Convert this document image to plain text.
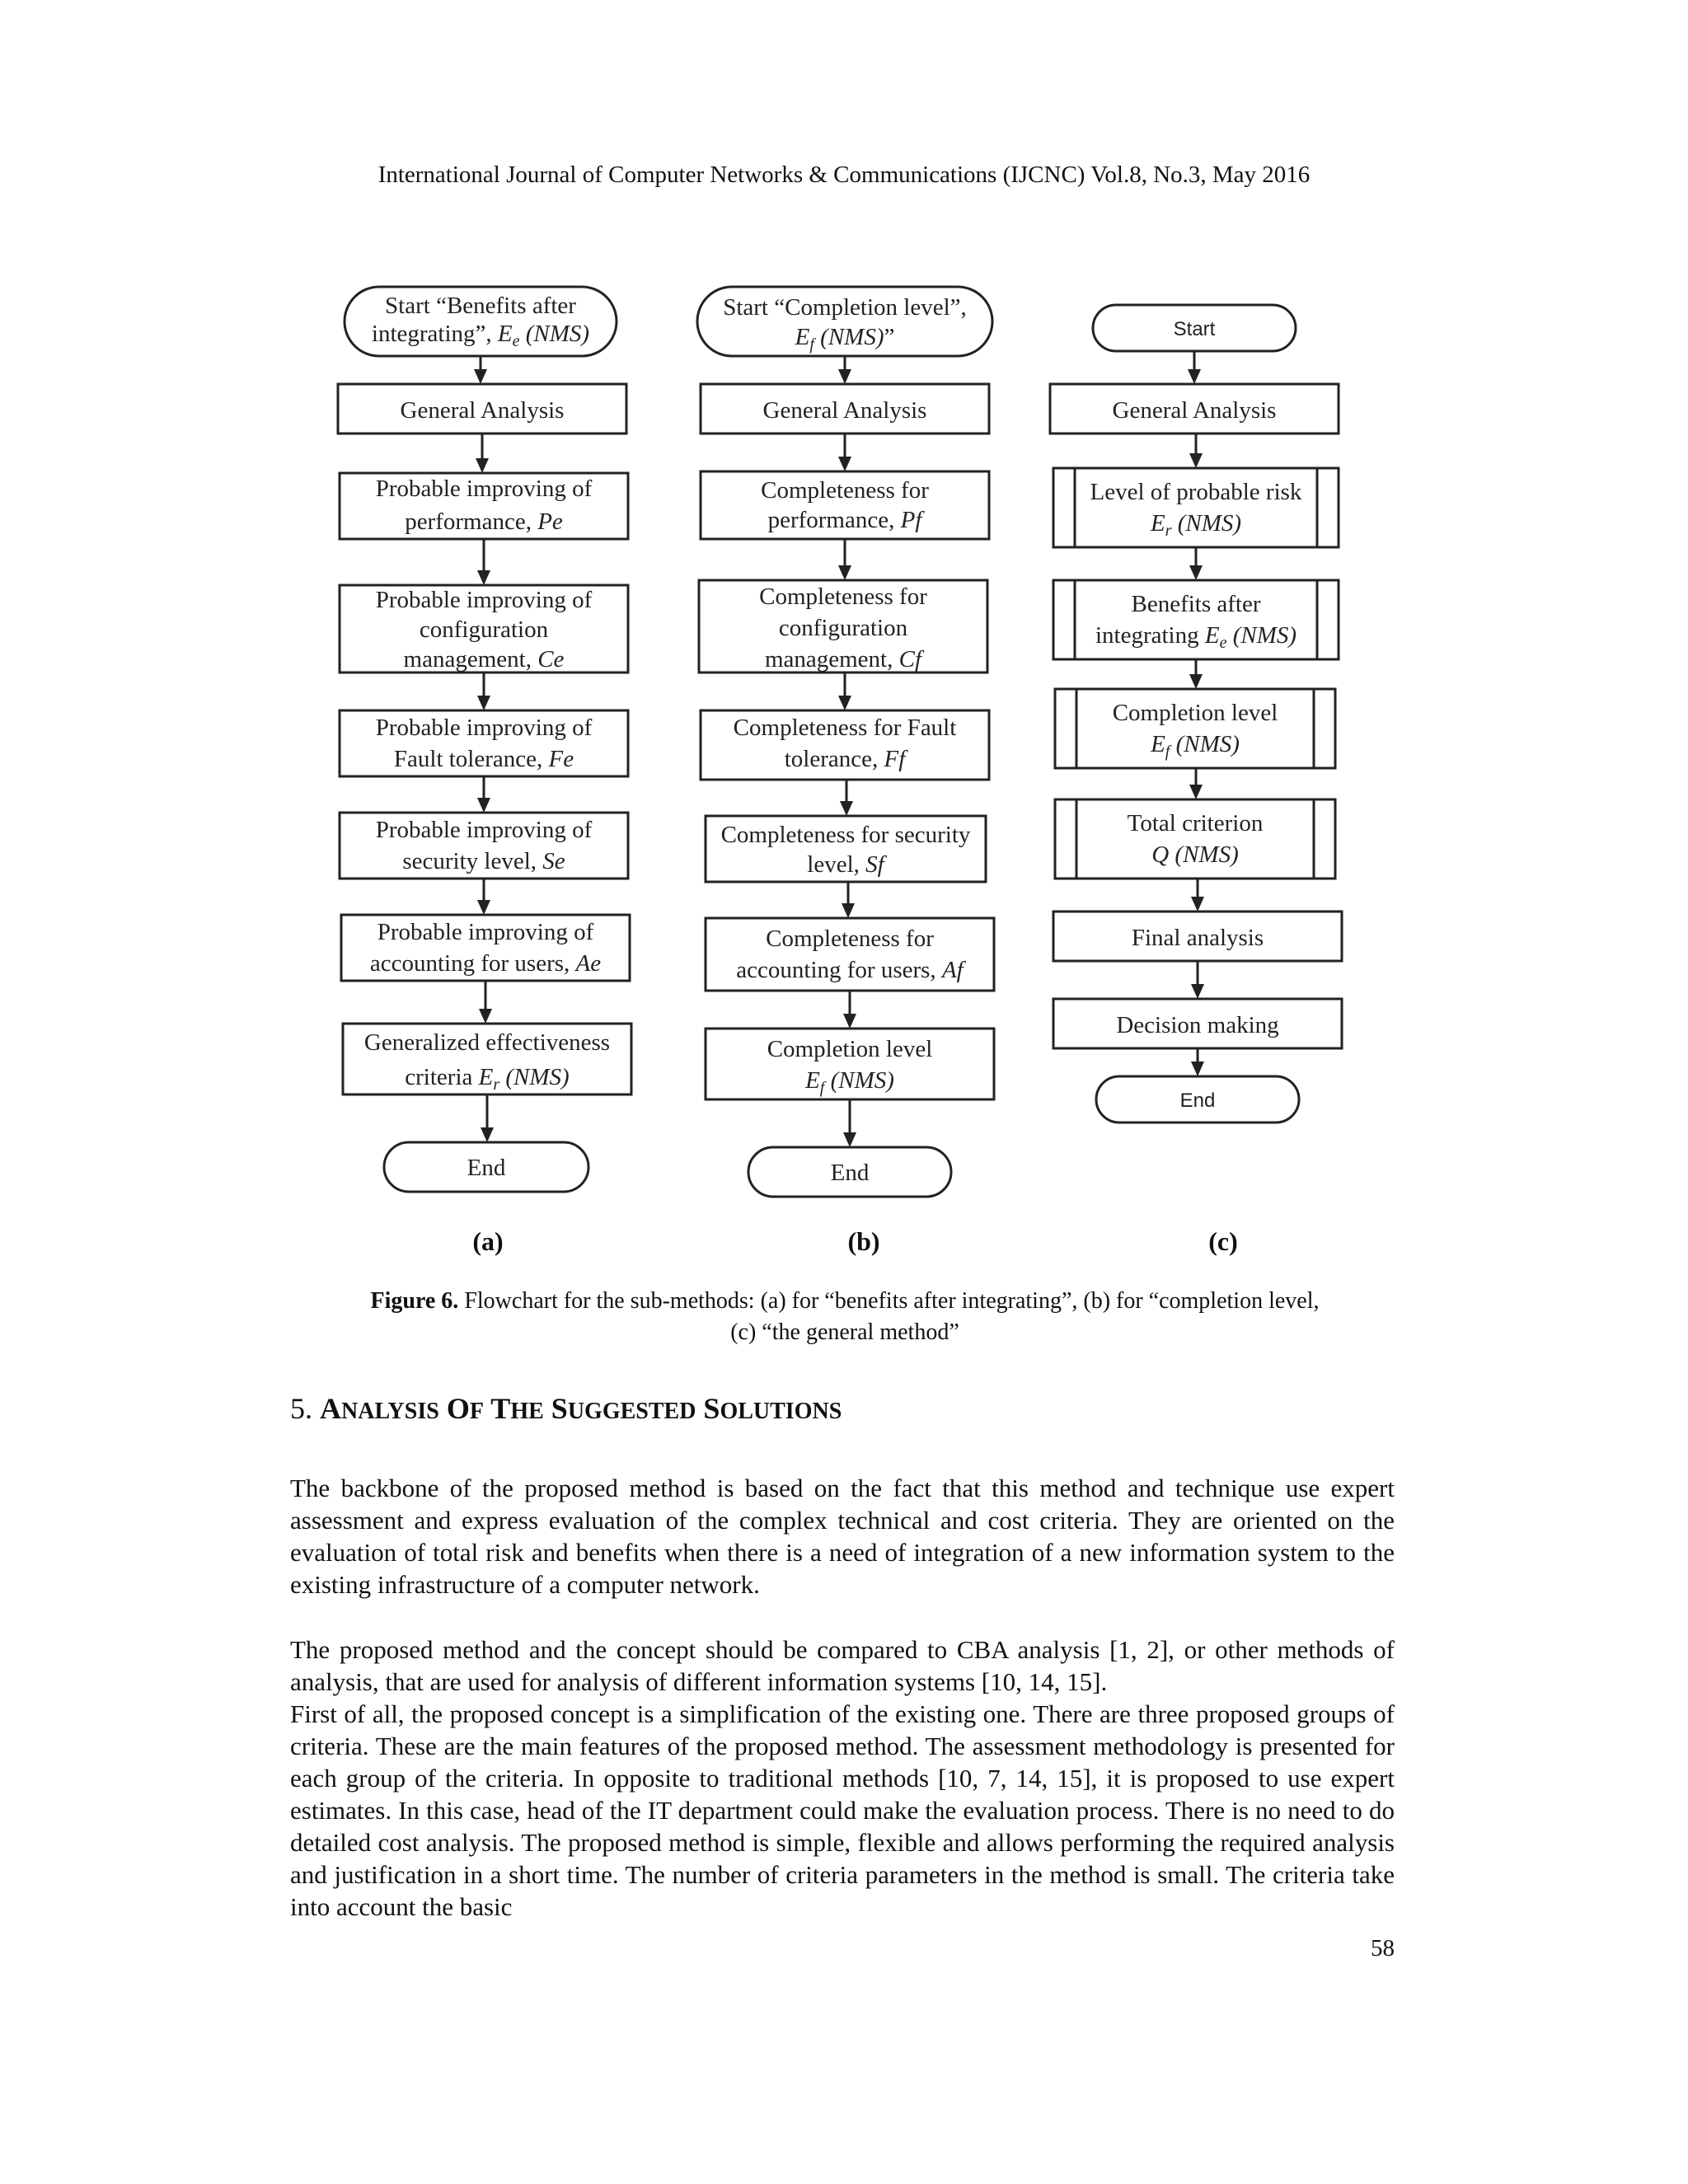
International Journal of Computer Networks & Communications (IJCNC) Vol.8, No.3, May 2016
Start “Benefits after
integrating”, $E_e$ (NMS)
General Analysis
Probable improving of
performance, Pe
Probable improving of
configuration
management, Ce
Probable improving of
Fault tolerance, Fe
Probable improving of
security level, Se
Probable improving of
accounting for users, Ae
Generalized effectiveness
criteria $E_r$ (NMS)
End
Start “Completion level”,
$E_f$ (NMS)”
General Analysis
Completeness for
performance, Pf
Completeness for
configuration
management, Cf
Completeness for Fault
tolerance, Ff
Completeness for security
level, Sf
Completeness for
accounting for users, Af
Completion level
$E_f$ (NMS)
End
Start
General Analysis
Level of probable risk
$E_r$ (NMS)
Benefits after
integrating $E_e$ (NMS)
Completion level
$E_f$ (NMS)
Total criterion
Q (NMS)
Final analysis
Decision making
End
(a)	(b)	(c)
Figure 6. Flowchart for the sub-methods: (a) for “benefits after integrating”, (b) for “completion level,
(c) “the general method”
5. ANALYSIS OF THE SUGGESTED SOLUTIONS

The backbone of the proposed method is based on the fact that this method and technique use expert assessment and express evaluation of the complex technical and cost criteria. They are oriented on the evaluation of total risk and benefits when there is a need of integration of a new information system to the existing infrastructure of a computer network.

The proposed method and the concept should be compared to CBA analysis [1, 2], or other methods of analysis, that are used for analysis of different information systems [10, 14, 15].

First of all, the proposed concept is a simplification of the existing one. There are three proposed groups of criteria. These are the main features of the proposed method. The assessment methodology is presented for each group of the criteria. In opposite to traditional methods [10, 7, 14, 15], it is proposed to use expert estimates. In this case, head of the IT department could make the evaluation process. There is no need to do detailed cost analysis. The proposed method is simple, flexible and allows performing the required analysis and justification in a short time. The number of criteria parameters in the method is small. The criteria take into account the basic

58
